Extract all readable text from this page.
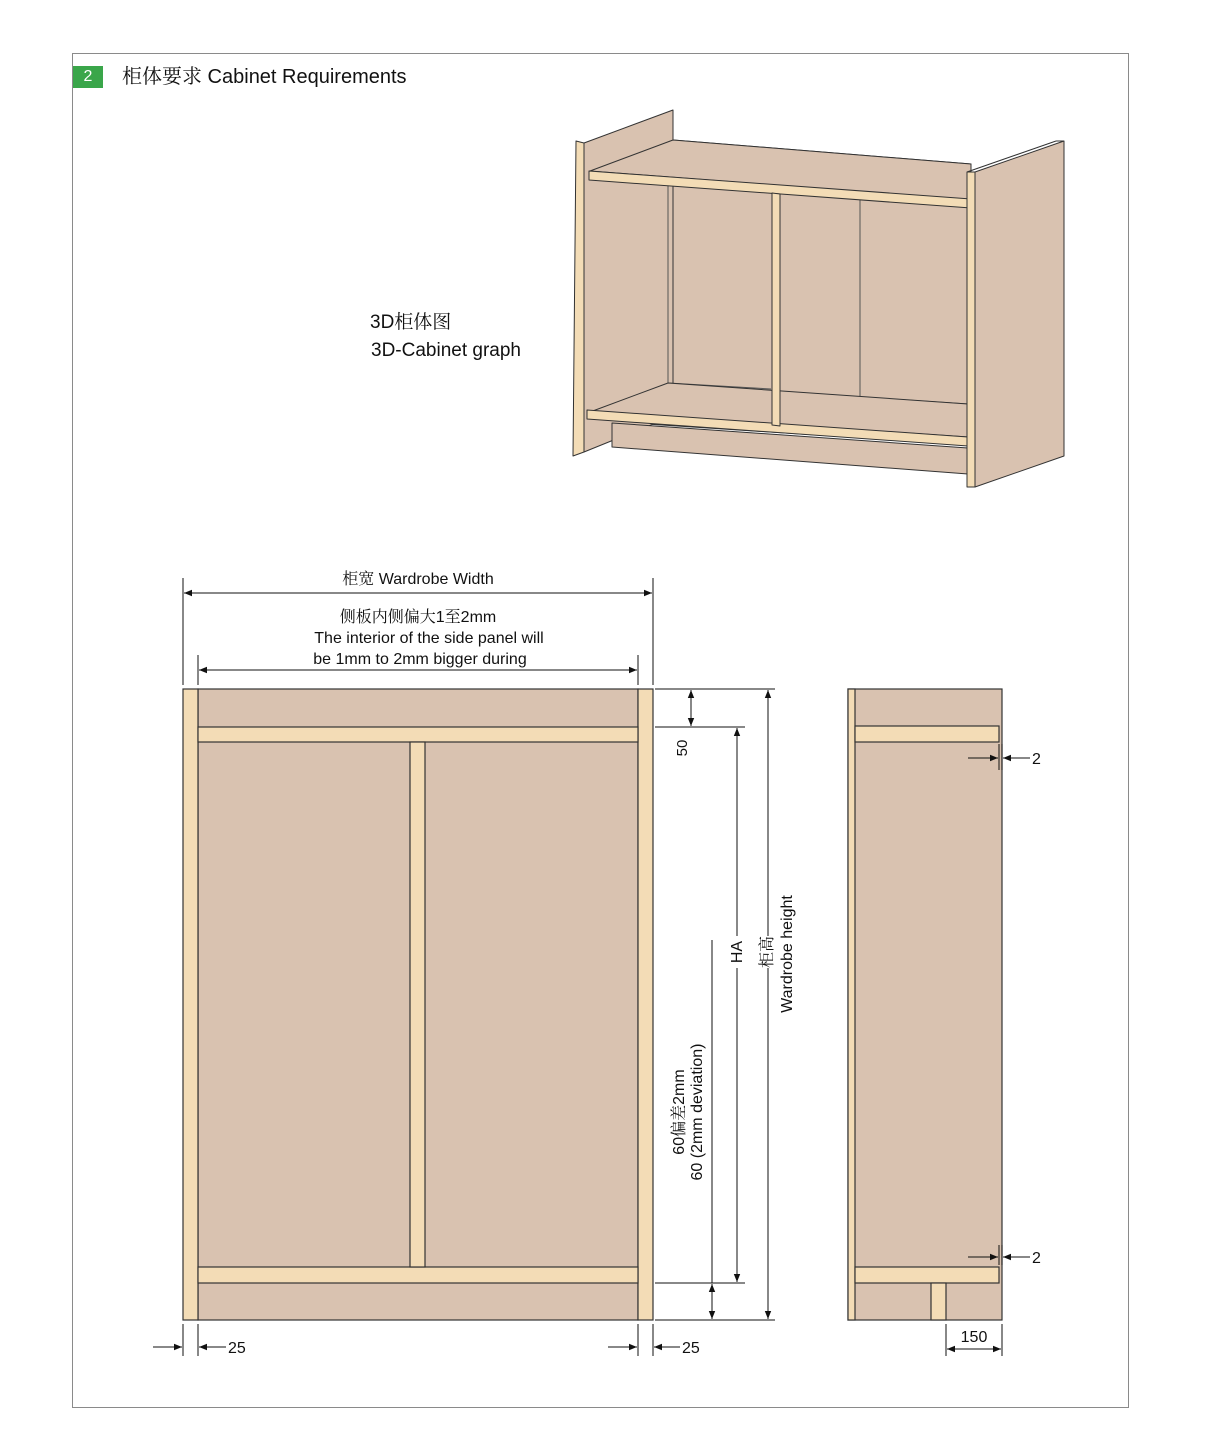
2	柜体要求 Cabinet Requirements
3D柜体图
3D-Cabinet graph
柜宽 Wardrobe Width
侧板内侧偏大1至2mm
The interior of the side panel will
be 1mm to 2mm bigger during
50
HA 柜高 Wardrobe height
60偏差2mm 60 (2mm deviation)
25	25
2
2
150
